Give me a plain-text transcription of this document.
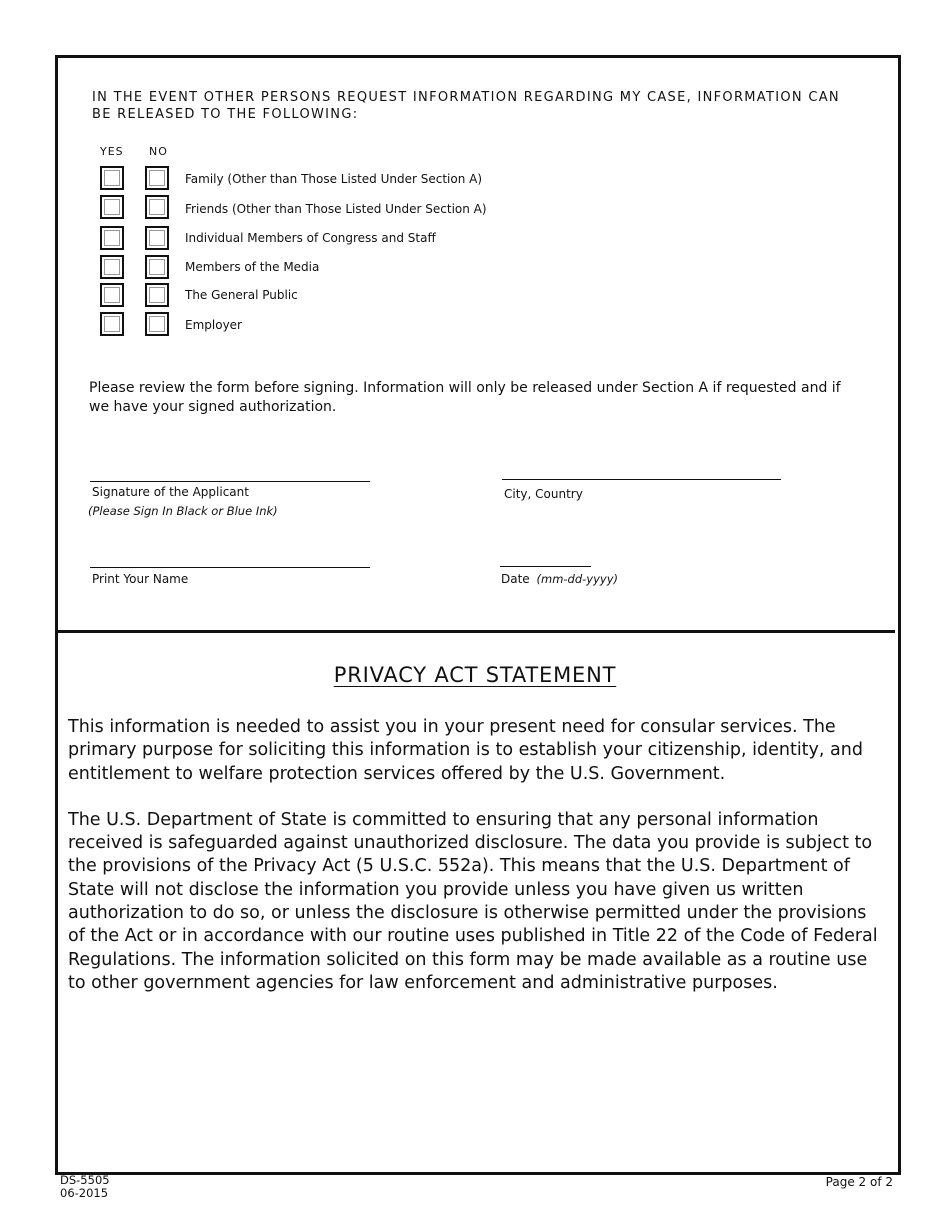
IN THE EVENT OTHER PERSONS REQUEST INFORMATION REGARDING MY CASE, INFORMATION CAN BE RELEASED TO THE FOLLOWING:
YES NO
Family (Other than Those Listed Under Section A)
Friends (Other than Those Listed Under Section A)
Individual Members of Congress and Staff
Members of the Media
The General Public
Employer
Please review the form before signing. Information will only be released under Section A if requested and if we have your signed authorization.
Signature of the Applicant
(Please Sign In Black or Blue Ink)
City, Country
Print Your Name	Date (mm-dd-yyyy)
PRIVACY ACT STATEMENT

This information is needed to assist you in your present need for consular services. The primary purpose for soliciting this information is to establish your citizenship, identity, and entitlement to welfare protection services offered by the U.S. Government.

The U.S. Department of State is committed to ensuring that any personal information received is safeguarded against unauthorized disclosure. The data you provide is subject to the provisions of the Privacy Act (5 U.S.C. 552a). This means that the U.S. Department of State will not disclose the information you provide unless you have given us written authorization to do so, or unless the disclosure is otherwise permitted under the provisions of the Act or in accordance with our routine uses published in Title 22 of the Code of Federal Regulations. The information solicited on this form may be made available as a routine use to other government agencies for law enforcement and administrative purposes.

DS-5505
06-2015
Page 2 of 2
